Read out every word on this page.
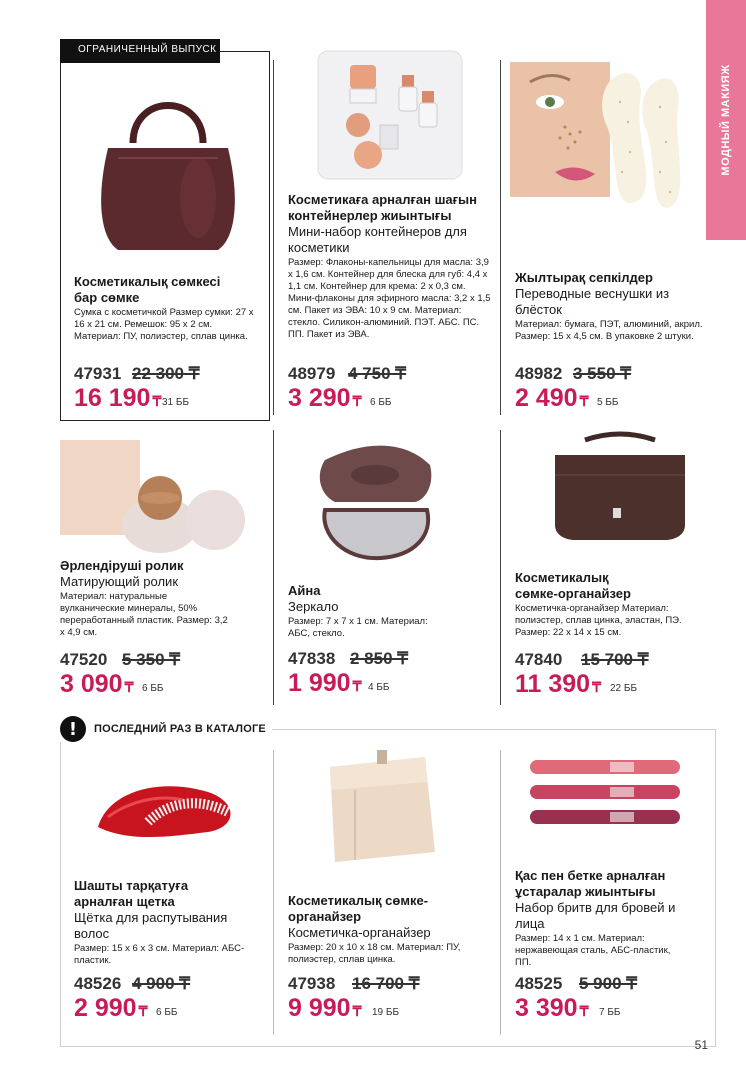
МОДНЫЙ МАКИЯЖ
ОГРАНИЧЕННЫЙ ВЫПУСК
!	ПОСЛЕДНИЙ РАЗ В КАТАЛОГЕ
Косметикалық сөмкесі бар сөмке
Сумка с косметичкой Размер сумки: 27 х 16 х 21 см. Ремешок: 95 х 2 см. Материал: ПУ, полиэстер, сплав цинка.
47931 22 300 ₸
16 190 ₸ 31 ББ
Косметикаға арналған шағын контейнерлер жиынтығы
Мини-набор контейнеров для косметики
Размер: Флаконы-капельницы для масла: 3,9 х 1,6 см. Контейнер для блеска для губ: 4,4 х 1,1 см. Контейнер для крема: 2 х 0,3 см. Мини-флаконы для эфирного масла: 3,2 х 1,5 см. Пакет из ЭВА: 10 х 9 см. Материал: стекло. Силикон-алюминий. ПЭТ. АБС. ПС. ПП. Пакет из ЭВА.
48979 4 750 ₸
3 290 ₸ 6 ББ
Жылтырақ сепкілдер
Переводные веснушки из блёсток
Материал: бумага, ПЭТ, алюминий, акрил. Размер: 15 х 4,5 см. В упаковке 2 штуки.
48982 3 550 ₸
2 490 ₸ 5 ББ
Әрлендіруші ролик
Матирующий ролик
Материал: натуральные вулканические минералы, 50% переработанный пластик. Размер: 3,2 х 4,9 см.
47520 5 350 ₸
3 090 ₸ 6 ББ
Айна
Зеркало
Размер: 7 х 7 х 1 см. Материал: АБС, стекло.
47838 2 850 ₸
1 990 ₸ 4 ББ
Косметикалық сөмке-органайзер
Косметичка-органайзер Материал: полиэстер, сплав цинка, эластан, ПЭ. Размер: 22 х 14 х 15 см.
47840 15 700 ₸
11 390 ₸ 22 ББ
Шашты тарқатуға арналған щетка
Щётка для распутывания волос
Размер: 15 х 6 х 3 см. Материал: АБС-пластик.
48526 4 900 ₸
2 990 ₸ 6 ББ
Косметикалық сөмке-органайзер
Косметичка-органайзер
Размер: 20 х 10 х 18 см. Материал: ПУ, полиэстер, сплав цинка.
47938 16 700 ₸
9 990 ₸ 19 ББ
Қас пен бетке арналған ұстаралар жиынтығы
Набор бритв для бровей и лица
Размер: 14 х 1 см. Материал: нержавеющая сталь, АБС-пластик, ПП.
48525 5 900 ₸
3 390 ₸ 7 ББ
51
